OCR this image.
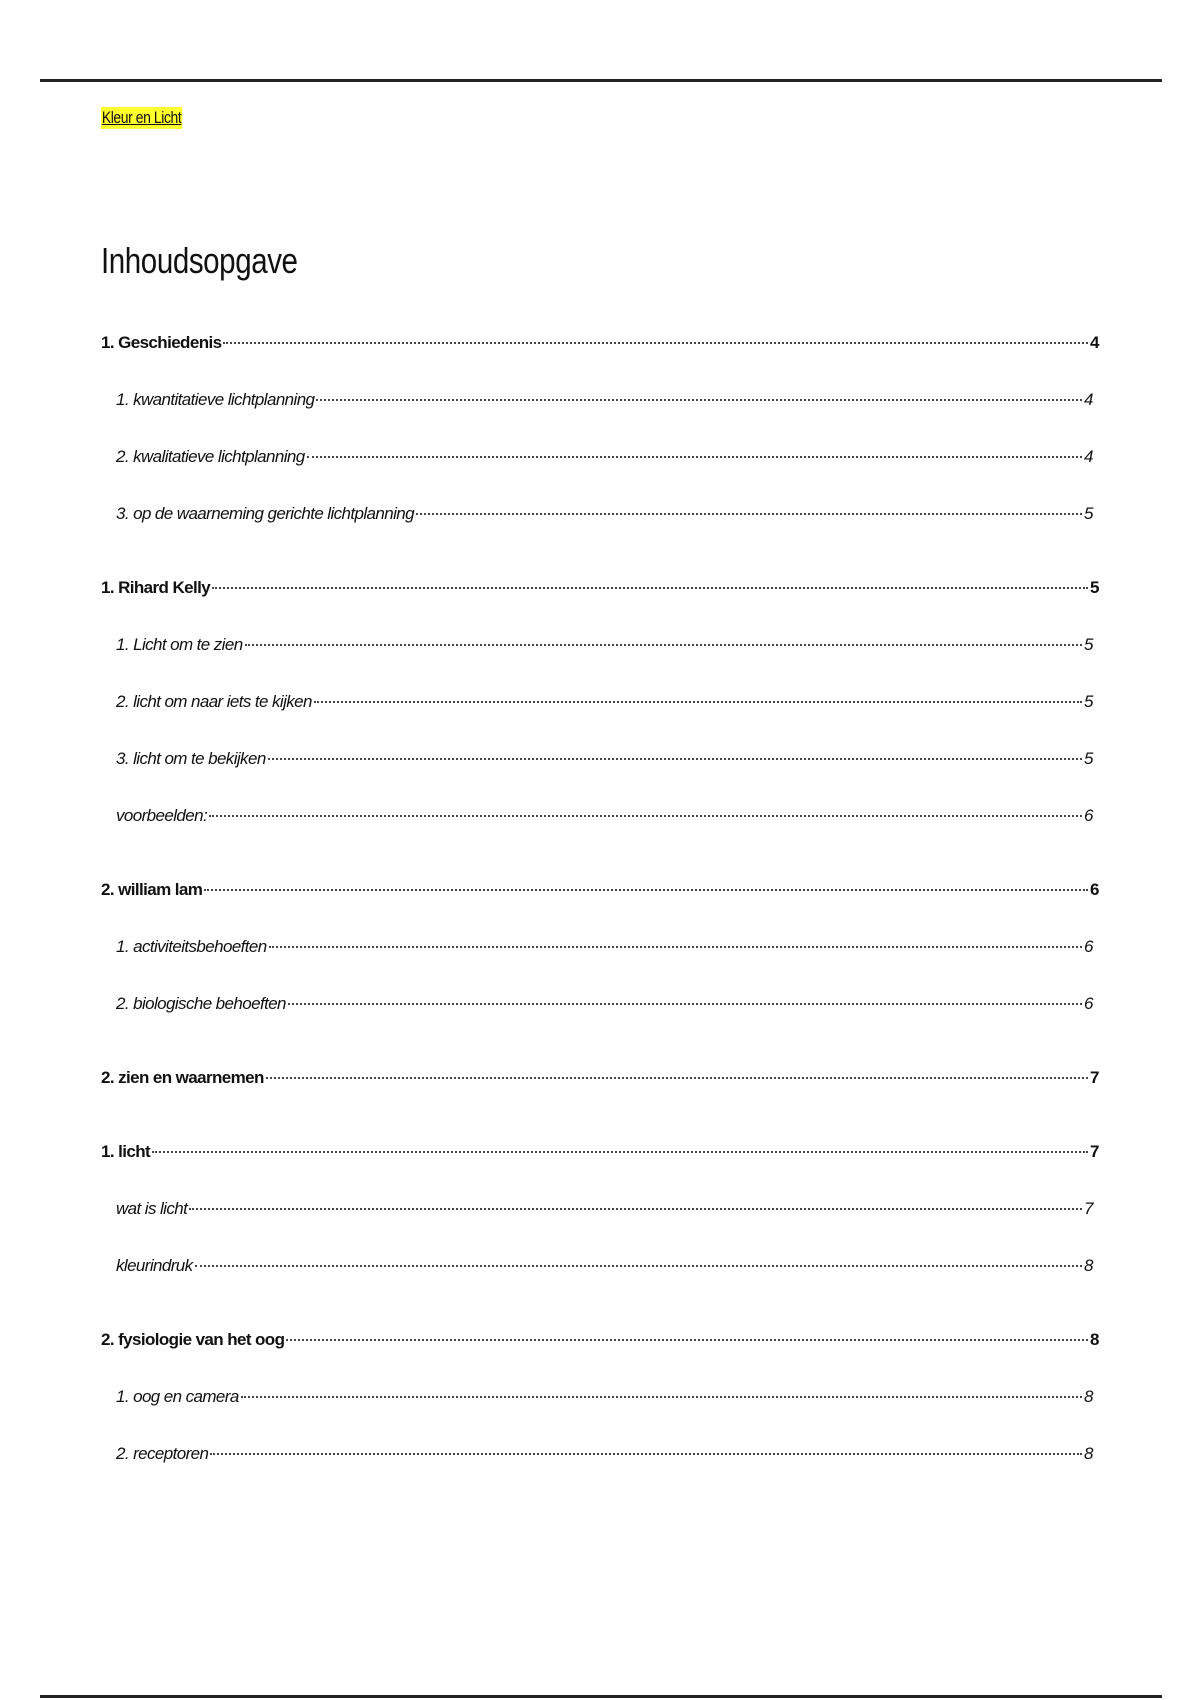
Kleur en Licht
Inhoudsopgave
1. Geschiedenis	4
1. kwantitatieve lichtplanning	4
2. kwalitatieve lichtplanning	4
3. op de waarneming gerichte lichtplanning	5
1. Rihard Kelly	5
1. Licht om te zien	5
2. licht om naar iets te kijken	5
3. licht om te bekijken	5
voorbeelden:	6
2. william lam	6
1. activiteitsbehoeften	6
2. biologische behoeften	6
2. zien en waarnemen	7
1. licht	7
wat is licht	7
kleurindruk	8
2. fysiologie van het oog	8
1. oog en camera	8
2. receptoren	8
